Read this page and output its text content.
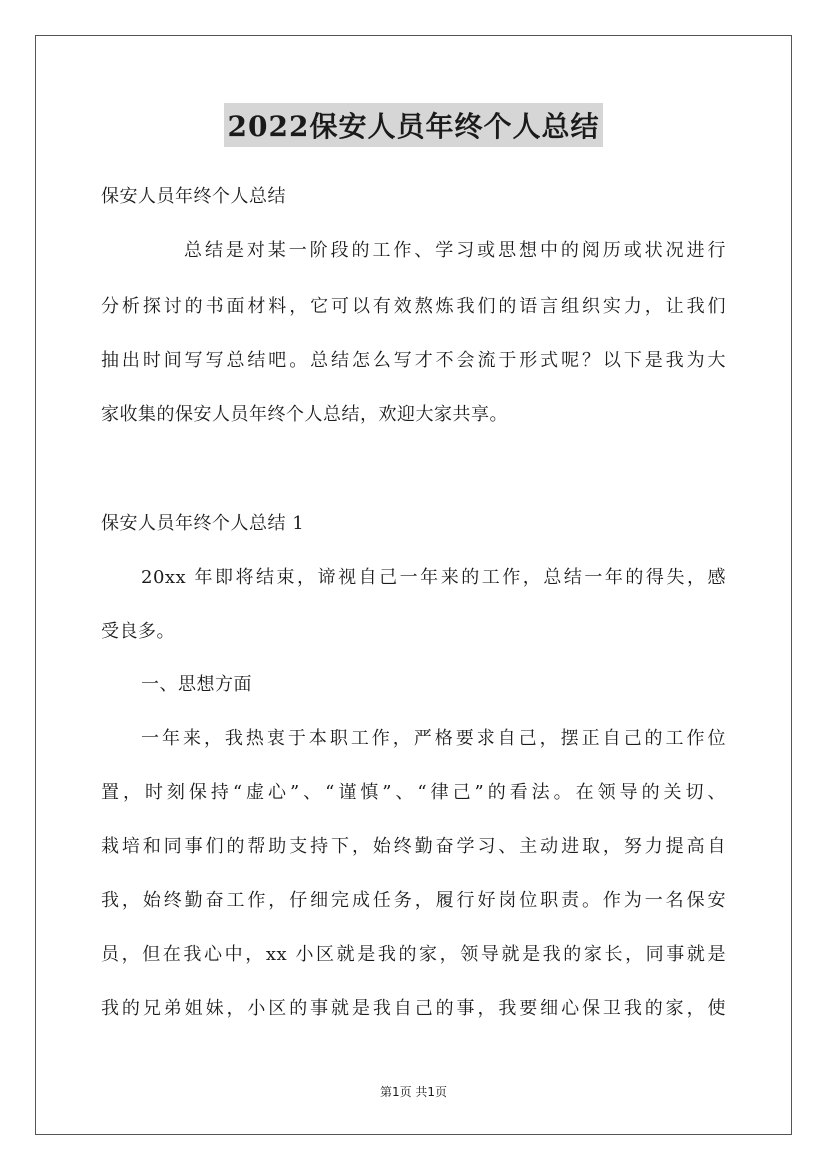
2022保安人员年终个人总结
保安人员年终个人总结
总结是对某一阶段的工作、学习或思想中的阅历或状况进行
分析探讨的书面材料，它可以有效熬炼我们的语言组织实力，让我们
抽出时间写写总结吧。总结怎么写才不会流于形式呢？以下是我为大
家收集的保安人员年终个人总结，欢迎大家共享。
保安人员年终个人总结 1
20xx 年即将结束，谛视自己一年来的工作，总结一年的得失，感
受良多。
一、思想方面
一年来，我热衷于本职工作，严格要求自己，摆正自己的工作位
置，时刻保持“虚心”、“谨慎”、“律己”的看法。在领导的关切、
栽培和同事们的帮助支持下，始终勤奋学习、主动进取，努力提高自
我，始终勤奋工作，仔细完成任务，履行好岗位职责。作为一名保安
员，但在我心中，xx 小区就是我的家，领导就是我的家长，同事就是
我的兄弟姐妹，小区的事就是我自己的事，我要细心保卫我的家，使
第1页 共1页
